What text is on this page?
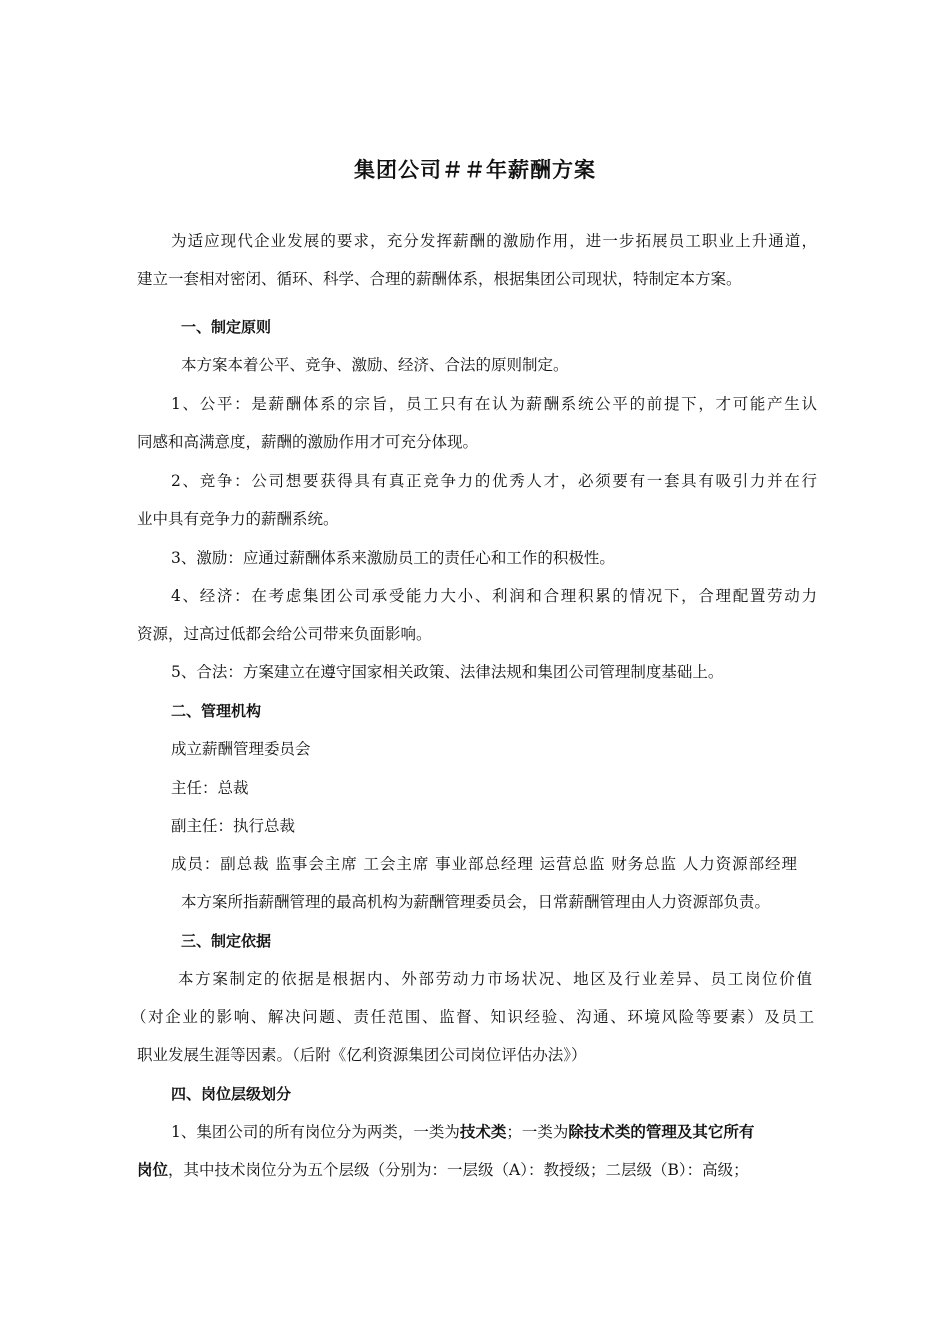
集团公司＃＃年薪酬方案
为适应现代企业发展的要求，充分发挥薪酬的激励作用，进一步拓展员工职业上升通道，
建立一套相对密闭、循环、科学、合理的薪酬体系，根据集团公司现状，特制定本方案。
一、制定原则
本方案本着公平、竞争、激励、经济、合法的原则制定。
1、公平：是薪酬体系的宗旨，员工只有在认为薪酬系统公平的前提下，才可能产生认
同感和高满意度，薪酬的激励作用才可充分体现。
2、竞争：公司想要获得具有真正竞争力的优秀人才，必须要有一套具有吸引力并在行
业中具有竞争力的薪酬系统。
3、激励：应通过薪酬体系来激励员工的责任心和工作的积极性。
4、经济：在考虑集团公司承受能力大小、利润和合理积累的情况下，合理配置劳动力
资源，过高过低都会给公司带来负面影响。
5、合法：方案建立在遵守国家相关政策、法律法规和集团公司管理制度基础上。
二、管理机构
成立薪酬管理委员会
主任：总裁
副主任：执行总裁
成员：副总裁 监事会主席 工会主席 事业部总经理 运营总监 财务总监 人力资源部经理
本方案所指薪酬管理的最高机构为薪酬管理委员会，日常薪酬管理由人力资源部负责。
三、制定依据
本方案制定的依据是根据内、外部劳动力市场状况、地区及行业差异、员工岗位价值
（对企业的影响、解决问题、责任范围、监督、知识经验、沟通、环境风险等要素）及员工
职业发展生涯等因素。（后附《亿利资源集团公司岗位评估办法》）
四、岗位层级划分
1、集团公司的所有岗位分为两类，一类为技术类；一类为除技术类的管理及其它所有
岗位，其中技术岗位分为五个层级（分别为：一层级（A）：教授级；二层级（B）：高级；
